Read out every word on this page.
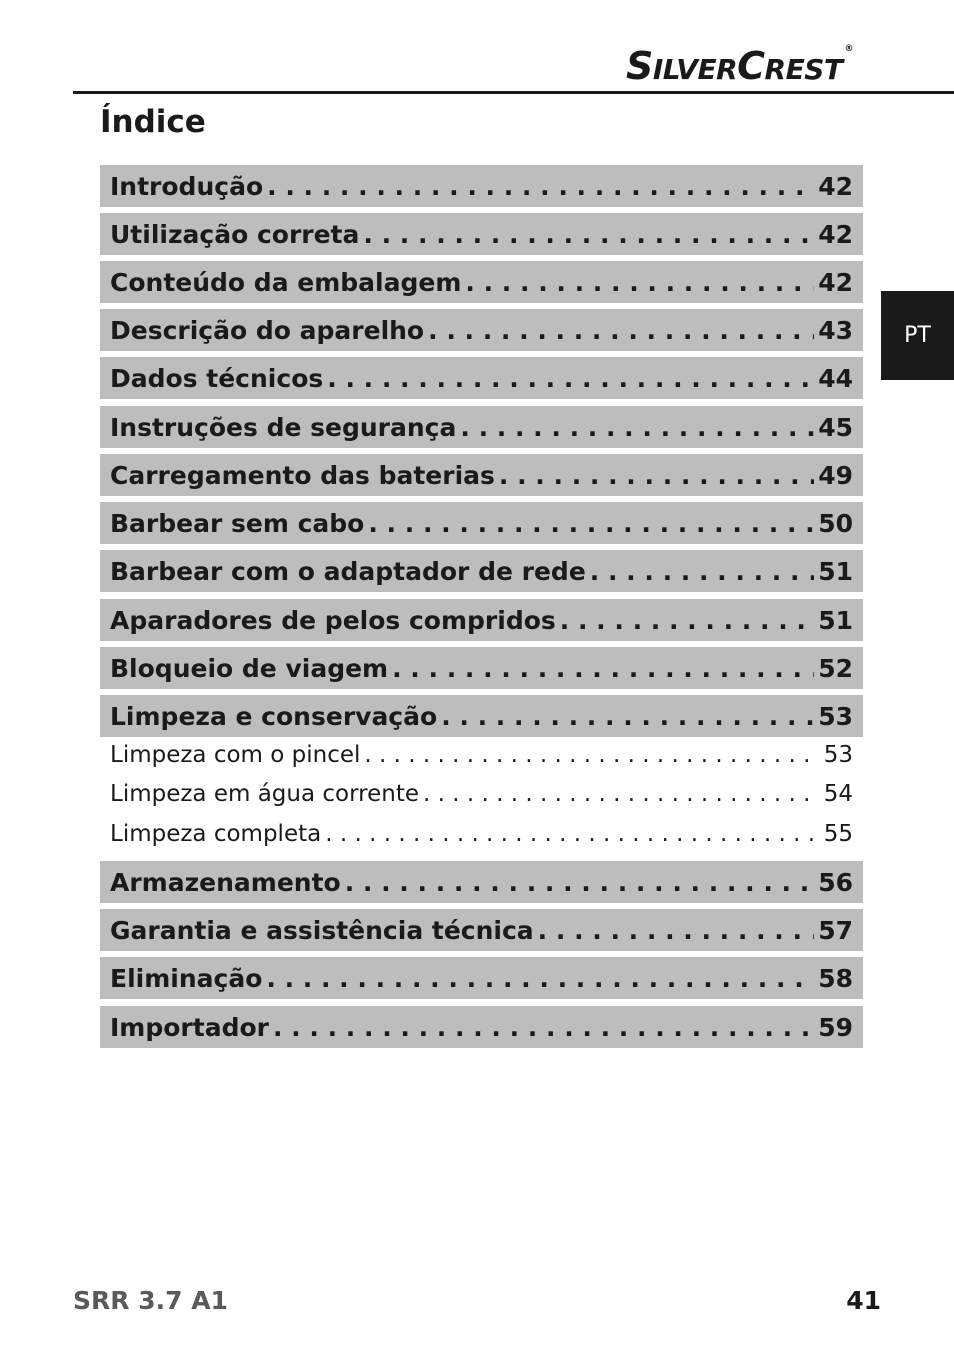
SILVERCREST®
Índice
PT
Introdução . . .	42
Utilização correta . . .	42
Conteúdo da embalagem . . .	42
Descrição do aparelho . . .	43
Dados técnicos . . .	44
Instruções de segurança . . .	45
Carregamento das baterias . . .	49
Barbear sem cabo . . .	50
Barbear com o adaptador de rede . . .	51
Aparadores de pelos compridos . . .	51
Bloqueio de viagem . . .	52
Limpeza e conservação . . .	53
Limpeza com o pincel . . .	53
Limpeza em água corrente . . .	54
Limpeza completa . . .	55
Armazenamento . . .	56
Garantia e assistência técnica . . .	57
Eliminação . . .	58
Importador . . .	59
SRR 3.7 A1	41
